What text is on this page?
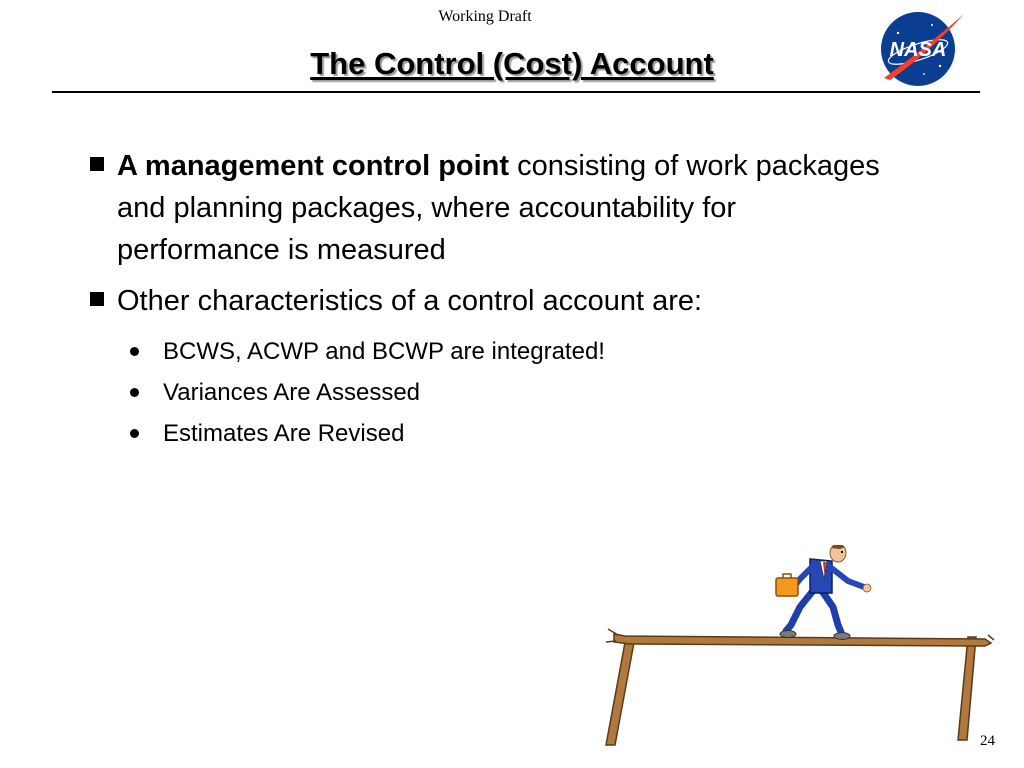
Working Draft
NASA
The Control (Cost) Account
A management control point consisting of work packages and planning packages, where accountability for performance is measured
Other characteristics of a control account are:
BCWS, ACWP and BCWP are integrated!
Variances Are Assessed
Estimates Are Revised
24
